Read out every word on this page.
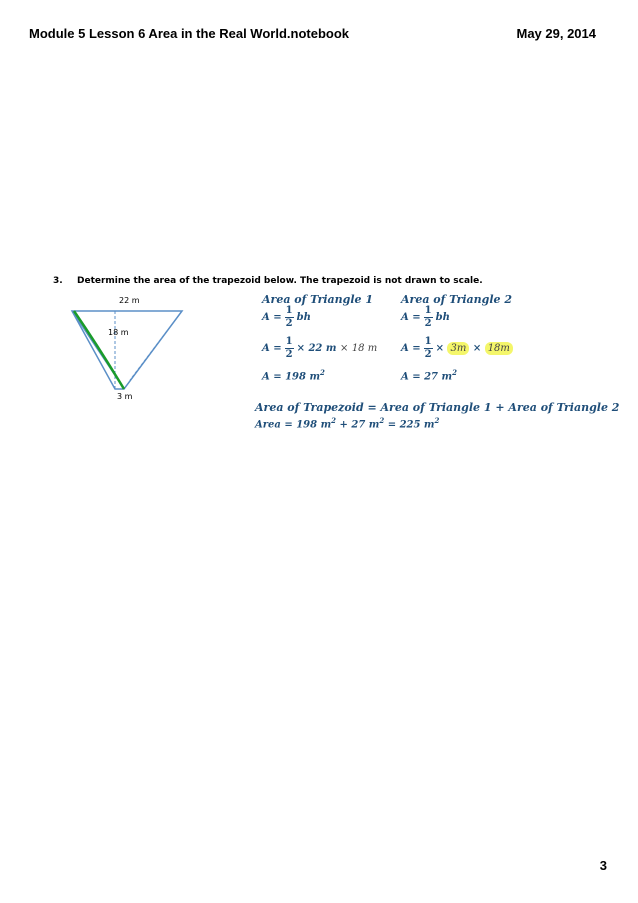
Module 5 Lesson 6 Area in the Real World.notebook	May 29, 2014
3. Determine the area of the trapezoid below. The trapezoid is not drawn to scale.
22 m
18 m
3 m
Area of Triangle 1
$A = \frac{1}{2}$ bh
$A = \frac{1}{2}$ ×
22 m
×
18 m
A = 198 $m^2$
Area of Triangle 2
$A = \frac{1}{2}$ bh
$A = \frac{1}{2}$ ×
3m
×
18m
A = 27 $m^2$
Area of Trapezoid = Area of Triangle 1 + Area of Triangle 2
Area = 198 $m^2 + 27$ $m^2 = 225$ $m^2$
3
